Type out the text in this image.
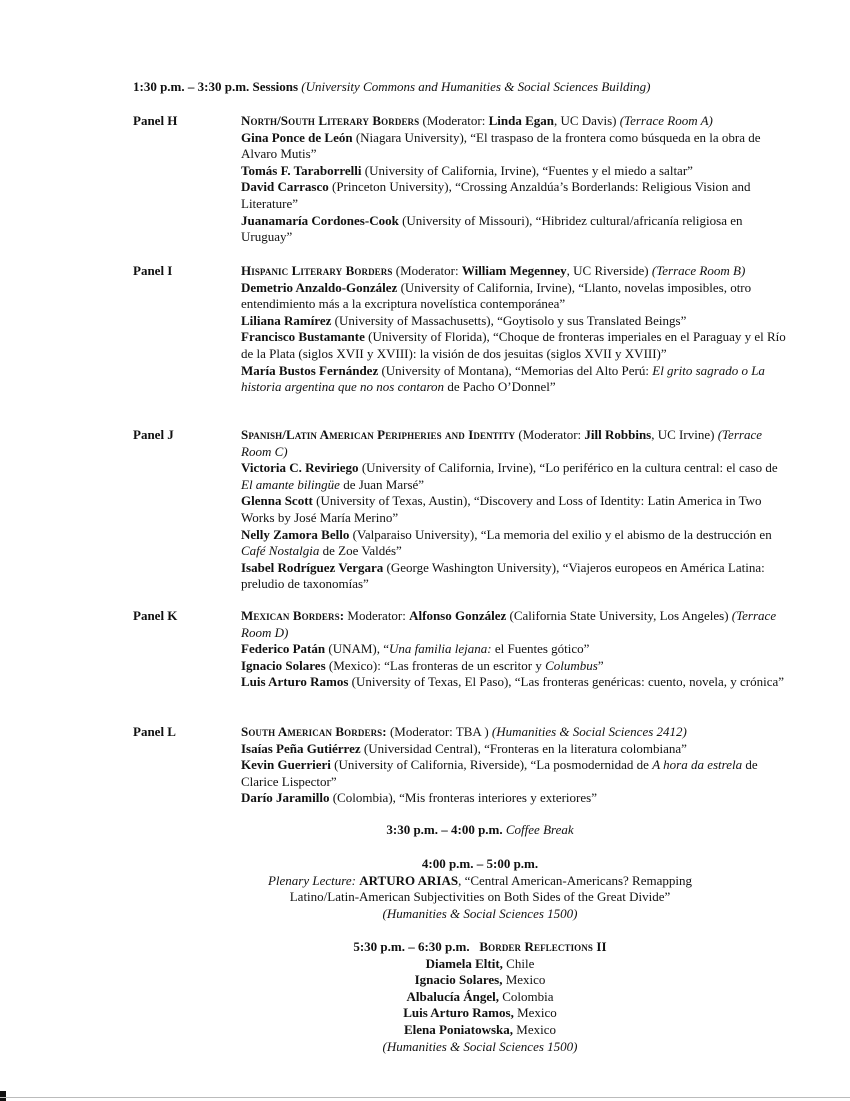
1:30 p.m. – 3:30 p.m. Sessions (University Commons and Humanities & Social Sciences Building)
Panel H	North/South Literary Borders (Moderator: Linda Egan, UC Davis) (Terrace Room A)
Gina Ponce de León (Niagara University), “El traspaso de la frontera como búsqueda en la obra de Alvaro Mutis”
Tomás F. Taraborrelli (University of California, Irvine), “Fuentes y el miedo a saltar”
David Carrasco (Princeton University), “Crossing Anzaldúa’s Borderlands: Religious Vision and Literature”
Juanamaría Cordones-Cook (University of Missouri), “Hibridez cultural/africanía religiosa en Uruguay”
Panel I	Hispanic Literary Borders (Moderator: William Megenney, UC Riverside) (Terrace Room B)
Demetrio Anzaldo-González (University of California, Irvine), “Llanto, novelas imposibles, otro entendimiento más a la excriptura novelística contemporánea”
Liliana Ramírez (University of Massachusetts), “Goytisolo y sus Translated Beings”
Francisco Bustamante (University of Florida), “Choque de fronteras imperiales en el Paraguay y el Río de la Plata (siglos XVII y XVIII): la visión de dos jesuitas (siglos XVII y XVIII)”
María Bustos Fernández (University of Montana), “Memorias del Alto Perú: El grito sagrado o La historia argentina que no nos contaron de Pacho O’Donnel”
Panel J	Spanish/Latin American Peripheries and Identity (Moderator: Jill Robbins, UC Irvine) (Terrace Room C)
Victoria C. Reviriego (University of California, Irvine), “Lo periférico en la cultura central: el caso de El amante bilingüe de Juan Marsé”
Glenna Scott (University of Texas, Austin), “Discovery and Loss of Identity: Latin America in Two Works by José María Merino”
Nelly Zamora Bello (Valparaiso University), “La memoria del exilio y el abismo de la destrucción en Café Nostalgia de Zoe Valdés”
Isabel Rodríguez Vergara (George Washington University), “Viajeros europeos en América Latina: preludio de taxonomías”
Panel K	Mexican Borders: Moderator: Alfonso González (California State University, Los Angeles) (Terrace Room D)
Federico Patán (UNAM), “Una familia lejana: el Fuentes gótico”
Ignacio Solares (Mexico): “Las fronteras de un escritor y Columbus”
Luis Arturo Ramos (University of Texas, El Paso), “Las fronteras genéricas: cuento, novela, y crónica”
Panel L	South American Borders: (Moderator: TBA ) (Humanities & Social Sciences 2412)
Isaías Peña Gutiérrez (Universidad Central), “Fronteras en la literatura colombiana”
Kevin Guerrieri (University of California, Riverside), “La posmodernidad de A hora da estrela de Clarice Lispector”
Darío Jaramillo (Colombia), “Mis fronteras interiores y exteriores”
3:30 p.m. – 4:00 p.m. Coffee Break
4:00 p.m. – 5:00 p.m.
Plenary Lecture: ARTURO ARIAS, “Central American-Americans? Remapping
Latino/Latin-American Subjectivities on Both Sides of the Great Divide”
(Humanities & Social Sciences 1500)
5:30 p.m. – 6:30 p.m. Border Reflections II
Diamela Eltit, Chile
Ignacio Solares, Mexico
Albalucía Ángel, Colombia
Luis Arturo Ramos, Mexico
Elena Poniatowska, Mexico
(Humanities & Social Sciences 1500)
